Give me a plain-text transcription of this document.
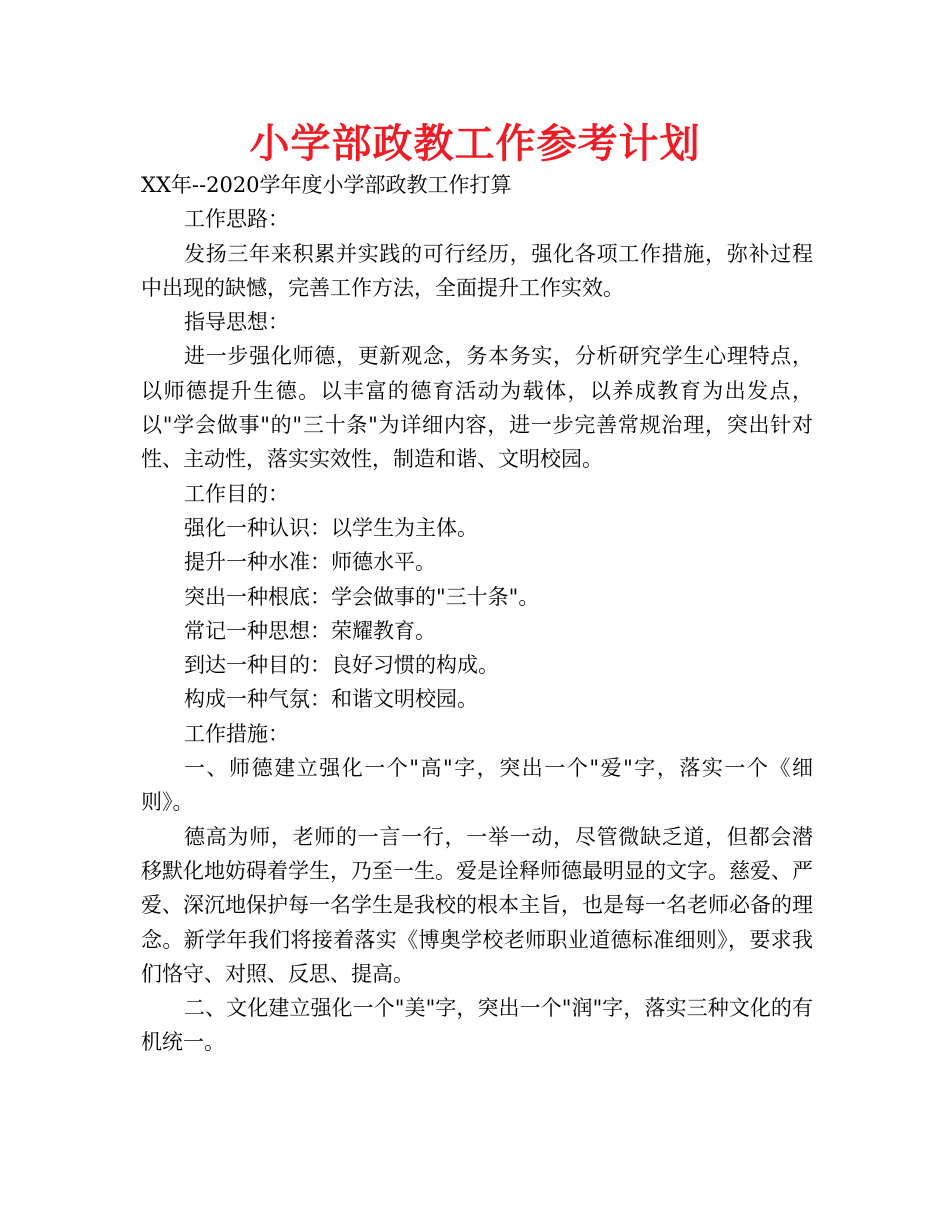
小学部政教工作参考计划

XX年--2020学年度小学部政教工作打算

工作思路：

发扬三年来积累并实践的可行经历，强化各项工作措施，弥补过程中出现的缺憾，完善工作方法，全面提升工作实效。

指导思想：

进一步强化师德，更新观念，务本务实，分析研究学生心理特点，以师德提升生德。以丰富的德育活动为载体，以养成教育为出发点，以"学会做事"的"三十条"为详细内容，进一步完善常规治理，突出针对性、主动性，落实实效性，制造和谐、文明校园。

工作目的：

强化一种认识：以学生为主体。

提升一种水准：师德水平。

突出一种根底：学会做事的"三十条"。

常记一种思想：荣耀教育。

到达一种目的：良好习惯的构成。

构成一种气氛：和谐文明校园。

工作措施：

一、师德建立强化一个"高"字，突出一个"爱"字，落实一个《细则》。

德高为师，老师的一言一行，一举一动，尽管微缺乏道，但都会潜移默化地妨碍着学生，乃至一生。爱是诠释师德最明显的文字。慈爱、严爱、深沉地保护每一名学生是我校的根本主旨，也是每一名老师必备的理念。新学年我们将接着落实《博奥学校老师职业道德标准细则》，要求我们恪守、对照、反思、提高。

二、文化建立强化一个"美"字，突出一个"润"字，落实三种文化的有机统一。
